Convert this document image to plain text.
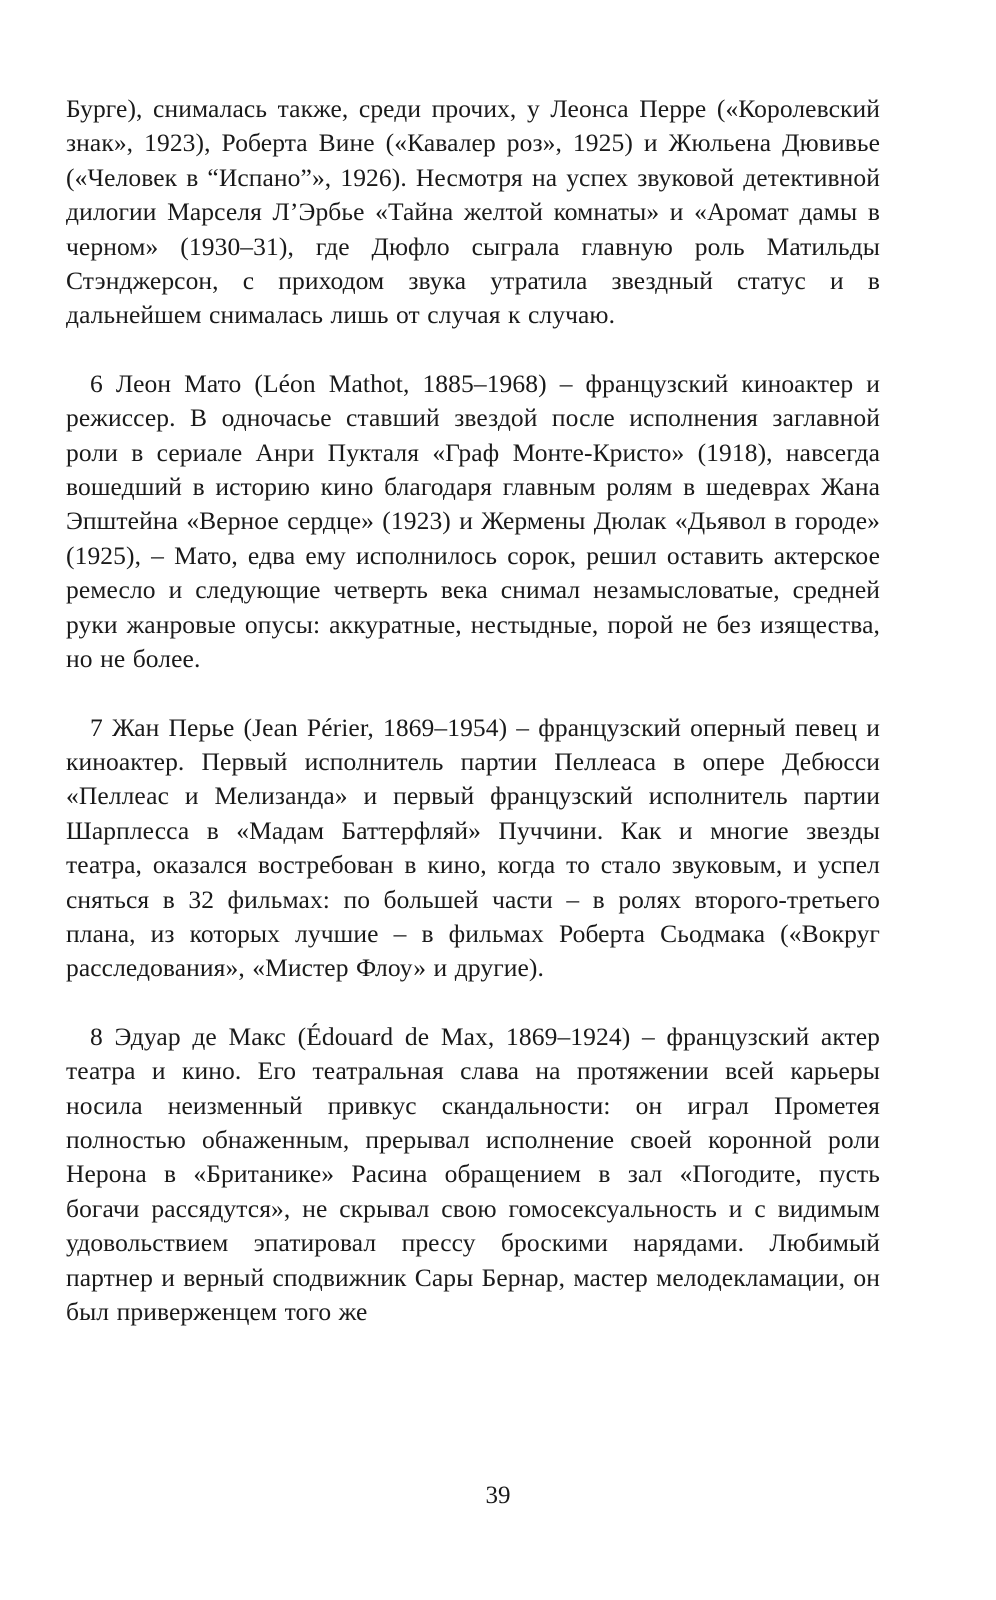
Бурге), снималась также, среди прочих, у Леонса Перре («Королевский знак», 1923), Роберта Вине («Кавалер роз», 1925) и Жюльена Дювивье («Человек в “Испано”», 1926). Несмотря на успех звуковой детективной дилогии Марселя Л’Эрбье «Тайна желтой комнаты» и «Аромат дамы в черном» (1930–31), где Дюфло сыграла главную роль Матильды Стэнджерсон, с приходом звука утратила звездный статус и в дальнейшем снималась лишь от случая к случаю.

6 Леон Мато (Léon Mathot, 1885–1968) – французский киноактер и режиссер. В одночасье ставший звездой после исполнения заглавной роли в сериале Анри Пукталя «Граф Монте-Кристо» (1918), навсегда вошедший в историю кино благодаря главным ролям в шедеврах Жана Эпштейна «Верное сердце» (1923) и Жермены Дюлак «Дьявол в городе» (1925), – Мато, едва ему исполнилось сорок, решил оставить актерское ремесло и следующие четверть века снимал незамысловатые, средней руки жанровые опусы: аккуратные, нестыдные, порой не без изящества, но не более.

7 Жан Перье (Jean Périer, 1869–1954) – французский оперный певец и киноактер. Первый исполнитель партии Пеллеаса в опере Дебюсси «Пеллеас и Мелизанда» и первый французский исполнитель партии Шарплесса в «Мадам Баттерфляй» Пуччини. Как и многие звезды театра, оказался востребован в кино, когда то стало звуковым, и успел сняться в 32 фильмах: по большей части – в ролях второго-третьего плана, из которых лучшие – в фильмах Роберта Сьодмака («Вокруг расследования», «Мистер Флоу» и другие).

8 Эдуар де Макс (Édouard de Max, 1869–1924) – французский актер театра и кино. Его театральная слава на протяжении всей карьеры носила неизменный привкус скандальности: он играл Прометея полностью обнаженным, прерывал исполнение своей коронной роли Нерона в «Британике» Расина обращением в зал «Погодите, пусть богачи рассядутся», не скрывал свою гомосексуальность и с видимым удовольствием эпатировал прессу броскими нарядами. Любимый партнер и верный сподвижник Сары Бернар, мастер мелодекламации, он был приверженцем того же

39
